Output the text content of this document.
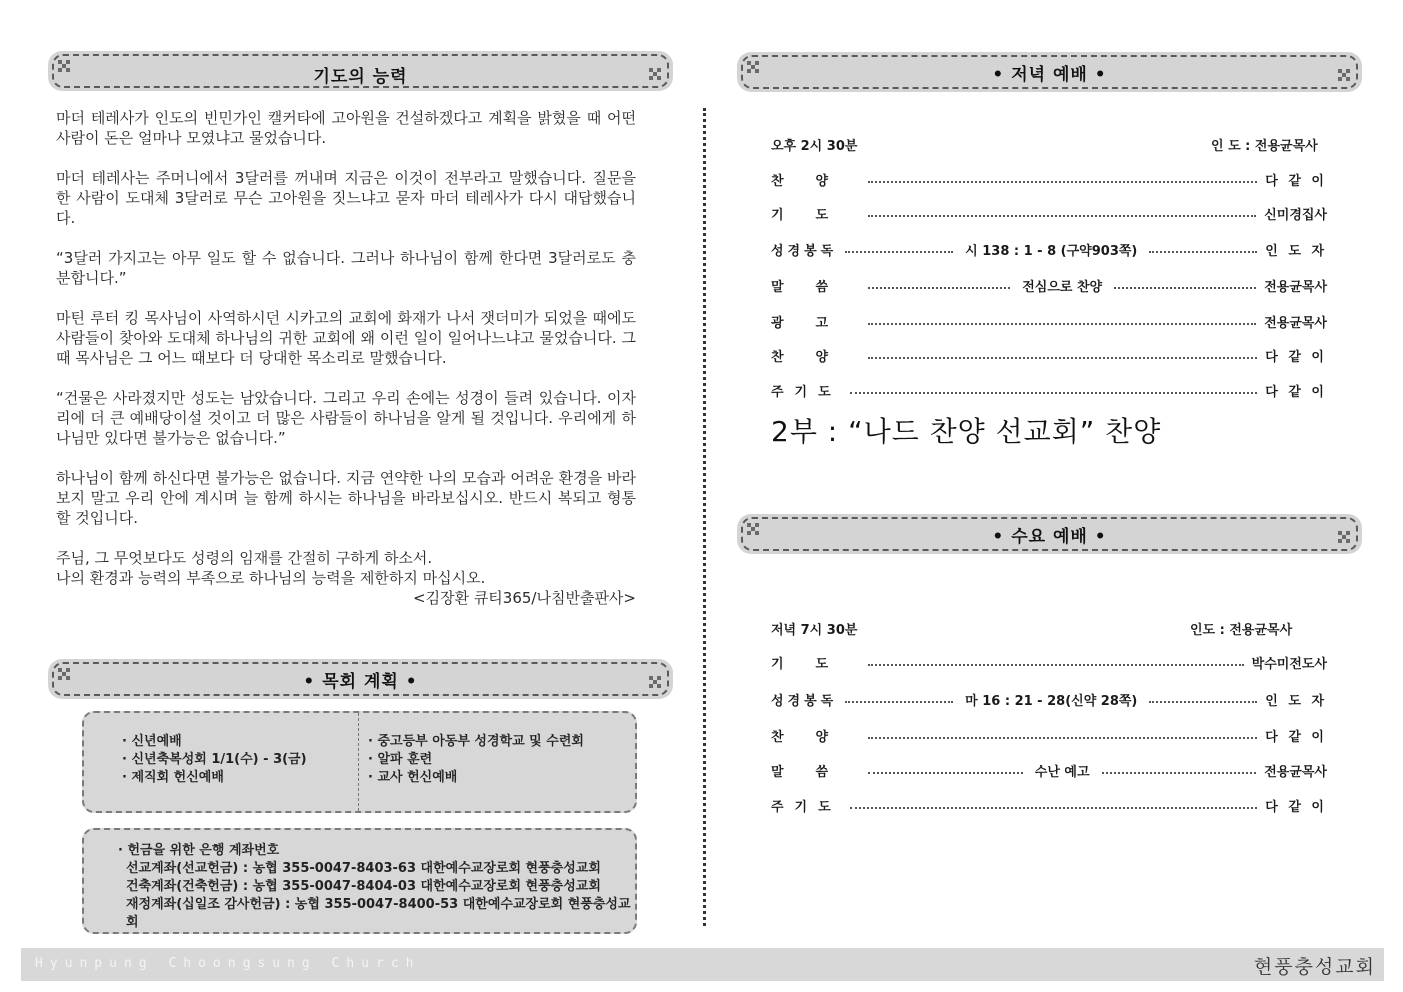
기도의 능력

마더 테레사가 인도의 빈민가인 캘커타에 고아원을 건설하겠다고 계획을 밝혔을 때 어떤 사람이 돈은 얼마나 모였냐고 물었습니다.

마더 테레사는 주머니에서 3달러를 꺼내며 지금은 이것이 전부라고 말했습니다. 질문을 한 사람이 도대체 3달러로 무슨 고아원을 짓느냐고 묻자 마더 테레사가 다시 대답했습니다.

“3달러 가지고는 아무 일도 할 수 없습니다. 그러나 하나님이 함께 한다면 3달러로도 충분합니다.”

마틴 루터 킹 목사님이 사역하시던 시카고의 교회에 화재가 나서 잿더미가 되었을 때에도 사람들이 찾아와 도대체 하나님의 귀한 교회에 왜 이런 일이 일어나느냐고 물었습니다. 그때 목사님은 그 어느 때보다 더 당대한 목소리로 말했습니다.

“건물은 사라졌지만 성도는 남았습니다. 그리고 우리 손에는 성경이 들려 있습니다. 이자리에 더 큰 예배당이설 것이고 더 많은 사람들이 하나님을 알게 될 것입니다. 우리에게 하나님만 있다면 불가능은 없습니다.”

하나님이 함께 하신다면 불가능은 없습니다. 지금 연약한 나의 모습과 어려운 환경을 바라보지 말고 우리 안에 계시며 늘 함께 하시는 하나님을 바라보십시오. 반드시 복되고 형통할 것입니다.

주님, 그 무엇보다도 성령의 임재를 간절히 구하게 하소서.

나의 환경과 능력의 부족으로 하나님의 능력을 제한하지 마십시오.

<김장환 큐티365/나침반출판사>

• 목회 계획 •
· 신년예배
· 신년축복성회 1/1(수) - 3(금)
· 제직회 헌신예배
· 중고등부 아동부 성경학교 및 수련회
· 알파 훈련
· 교사 헌신예배
· 헌금을 위한 은행 계좌번호
선교계좌(선교헌금) : 농협 355-0047-8403-63 대한예수교장로회 현풍충성교회
건축계좌(건축헌금) : 농협 355-0047-8404-03 대한예수교장로회 현풍충성교회
재정계좌(십일조 감사헌금) : 농협 355-0047-8400-53 대한예수교장로회 현풍충성교회
• 저녁 예배 •
오후 2시 30분	인 도 : 전용균목사
찬양	다 같 이
기도	신미경집사
성경봉독	시 138 : 1 - 8 (구약903쪽)	인 도 자
말씀	전심으로 찬양	전용균목사
광고	전용균목사
찬양	다 같 이
주기도	다 같 이
2부 : “나드 찬양 선교회” 찬양
• 수요 예배 •
저녁 7시 30분	인도 : 전용균목사
기도	박수미전도사
성경봉독	마 16 : 21 - 28(신약 28쪽)	인 도 자
찬양	다 같 이
말씀	수난 예고	전용균목사
주기도	다 같 이
Hyunpung Choongsung Church	현풍충성교회
